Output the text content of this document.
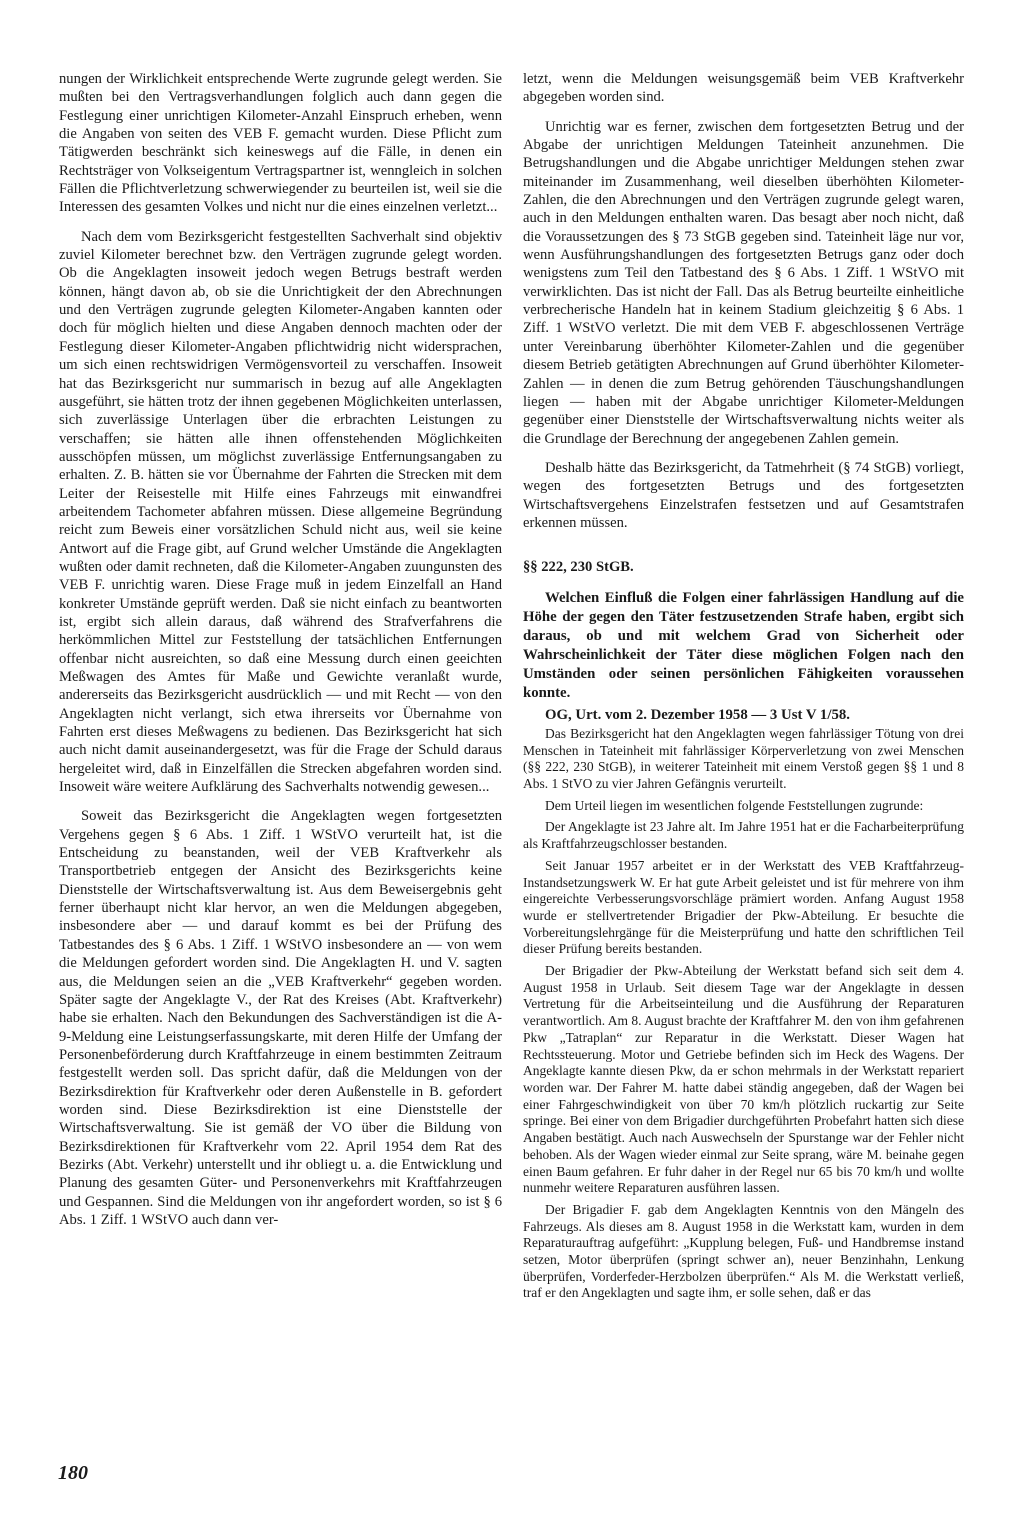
nungen der Wirklichkeit entsprechende Werte zugrunde gelegt werden. Sie mußten bei den Vertragsverhandlungen folglich auch dann gegen die Festlegung einer unrichtigen Kilometer-Anzahl Einspruch erheben, wenn die Angaben von seiten des VEB F. gemacht wurden. Diese Pflicht zum Tätigwerden beschränkt sich keineswegs auf die Fälle, in denen ein Rechtsträger von Volkseigentum Vertragspartner ist, wenngleich in solchen Fällen die Pflichtverletzung schwerwiegender zu beurteilen ist, weil sie die Interessen des gesamten Volkes und nicht nur die eines einzelnen verletzt...

Nach dem vom Bezirksgericht festgestellten Sachverhalt sind objektiv zuviel Kilometer berechnet bzw. den Verträgen zugrunde gelegt worden. Ob die Angeklagten insoweit jedoch wegen Betrugs bestraft werden können, hängt davon ab, ob sie die Unrichtigkeit der den Abrechnungen und den Verträgen zugrunde gelegten Kilometer-Angaben kannten oder doch für möglich hielten und diese Angaben dennoch machten oder der Festlegung dieser Kilometer-Angaben pflichtwidrig nicht widersprachen, um sich einen rechtswidrigen Vermögensvorteil zu verschaffen. Insoweit hat das Bezirksgericht nur summarisch in bezug auf alle Angeklagten ausgeführt, sie hätten trotz der ihnen gegebenen Möglichkeiten unterlassen, sich zuverlässige Unterlagen über die erbrachten Leistungen zu verschaffen; sie hätten alle ihnen offenstehenden Möglichkeiten ausschöpfen müssen, um möglichst zuverlässige Entfernungsangaben zu erhalten. Z. B. hätten sie vor Übernahme der Fahrten die Strecken mit dem Leiter der Reisestelle mit Hilfe eines Fahrzeugs mit einwandfrei arbeitendem Tachometer abfahren müssen. Diese allgemeine Begründung reicht zum Beweis einer vorsätzlichen Schuld nicht aus, weil sie keine Antwort auf die Frage gibt, auf Grund welcher Umstände die Angeklagten wußten oder damit rechneten, daß die Kilometer-Angaben zuungunsten des VEB F. unrichtig waren. Diese Frage muß in jedem Einzelfall an Hand konkreter Umstände geprüft werden. Daß sie nicht einfach zu beantworten ist, ergibt sich allein daraus, daß während des Strafverfahrens die herkömmlichen Mittel zur Feststellung der tatsächlichen Entfernungen offenbar nicht ausreichten, so daß eine Messung durch einen geeichten Meßwagen des Amtes für Maße und Gewichte veranlaßt wurde, andererseits das Bezirksgericht ausdrücklich — und mit Recht — von den Angeklagten nicht verlangt, sich etwa ihrerseits vor Übernahme von Fahrten erst dieses Meßwagens zu bedienen. Das Bezirksgericht hat sich auch nicht damit auseinandergesetzt, was für die Frage der Schuld daraus hergeleitet wird, daß in Einzelfällen die Strecken abgefahren worden sind. Insoweit wäre weitere Aufklärung des Sachverhalts notwendig gewesen...

Soweit das Bezirksgericht die Angeklagten wegen fortgesetzten Vergehens gegen § 6 Abs. 1 Ziff. 1 WStVO verurteilt hat, ist die Entscheidung zu beanstanden, weil der VEB Kraftverkehr als Transportbetrieb entgegen der Ansicht des Bezirksgerichts keine Dienststelle der Wirtschaftsverwaltung ist. Aus dem Beweisergebnis geht ferner überhaupt nicht klar hervor, an wen die Meldungen abgegeben, insbesondere aber — und darauf kommt es bei der Prüfung des Tatbestandes des § 6 Abs. 1 Ziff. 1 WStVO insbesondere an — von wem die Meldungen gefordert worden sind. Die Angeklagten H. und V. sagten aus, die Meldungen seien an die „VEB Kraftverkehr“ gegeben worden. Später sagte der Angeklagte V., der Rat des Kreises (Abt. Kraftverkehr) habe sie erhalten. Nach den Bekundungen des Sachverständigen ist die A-9-Meldung eine Leistungserfassungskarte, mit deren Hilfe der Umfang der Personenbeförderung durch Kraftfahrzeuge in einem bestimmten Zeitraum festgestellt werden soll. Das spricht dafür, daß die Meldungen von der Bezirksdirektion für Kraftverkehr oder deren Außenstelle in B. gefordert worden sind. Diese Bezirksdirektion ist eine Dienststelle der Wirtschaftsverwaltung. Sie ist gemäß der VO über die Bildung von Bezirksdirektionen für Kraftverkehr vom 22. April 1954 dem Rat des Bezirks (Abt. Verkehr) unterstellt und ihr obliegt u. a. die Entwicklung und Planung des gesamten Güter- und Personenverkehrs mit Kraftfahrzeugen und Gespannen. Sind die Meldungen von ihr angefordert worden, so ist § 6 Abs. 1 Ziff. 1 WStVO auch dann ver-

letzt, wenn die Meldungen weisungsgemäß beim VEB Kraftverkehr abgegeben worden sind.

Unrichtig war es ferner, zwischen dem fortgesetzten Betrug und der Abgabe der unrichtigen Meldungen Tateinheit anzunehmen. Die Betrugshandlungen und die Abgabe unrichtiger Meldungen stehen zwar miteinander im Zusammenhang, weil dieselben überhöhten Kilometer-Zahlen, die den Abrechnungen und den Verträgen zugrunde gelegt waren, auch in den Meldungen enthalten waren. Das besagt aber noch nicht, daß die Voraussetzungen des § 73 StGB gegeben sind. Tateinheit läge nur vor, wenn Ausführungshandlungen des fortgesetzten Betrugs ganz oder doch wenigstens zum Teil den Tatbestand des § 6 Abs. 1 Ziff. 1 WStVO mit verwirklichten. Das ist nicht der Fall. Das als Betrug beurteilte einheitliche verbrecherische Handeln hat in keinem Stadium gleichzeitig § 6 Abs. 1 Ziff. 1 WStVO verletzt. Die mit dem VEB F. abgeschlossenen Verträge unter Vereinbarung überhöhter Kilometer-Zahlen und die gegenüber diesem Betrieb getätigten Abrechnungen auf Grund überhöhter Kilometer-Zahlen — in denen die zum Betrug gehörenden Täuschungshandlungen liegen — haben mit der Abgabe unrichtiger Kilometer-Meldungen gegenüber einer Dienststelle der Wirtschaftsverwaltung nichts weiter als die Grundlage der Berechnung der angegebenen Zahlen gemein.

Deshalb hätte das Bezirksgericht, da Tatmehrheit (§ 74 StGB) vorliegt, wegen des fortgesetzten Betrugs und des fortgesetzten Wirtschaftsvergehens Einzelstrafen festsetzen und auf Gesamtstrafen erkennen müssen.

§§ 222, 230 StGB.

Welchen Einfluß die Folgen einer fahrlässigen Handlung auf die Höhe der gegen den Täter festzusetzenden Strafe haben, ergibt sich daraus, ob und mit welchem Grad von Sicherheit oder Wahrscheinlichkeit der Täter diese möglichen Folgen nach den Umständen oder seinen persönlichen Fähigkeiten voraussehen konnte.

OG, Urt. vom 2. Dezember 1958 — 3 Ust V 1/58.

Das Bezirksgericht hat den Angeklagten wegen fahrlässiger Tötung von drei Menschen in Tateinheit mit fahrlässiger Körperverletzung von zwei Menschen (§§ 222, 230 StGB), in weiterer Tateinheit mit einem Verstoß gegen §§ 1 und 8 Abs. 1 StVO zu vier Jahren Gefängnis verurteilt.

Dem Urteil liegen im wesentlichen folgende Feststellungen zugrunde:

Der Angeklagte ist 23 Jahre alt. Im Jahre 1951 hat er die Facharbeiterprüfung als Kraftfahrzeugschlosser bestanden.

Seit Januar 1957 arbeitet er in der Werkstatt des VEB Kraftfahrzeug-Instandsetzungswerk W. Er hat gute Arbeit geleistet und ist für mehrere von ihm eingereichte Verbesserungsvorschläge prämiert worden. Anfang August 1958 wurde er stellvertretender Brigadier der Pkw-Abteilung. Er besuchte die Vorbereitungslehrgänge für die Meisterprüfung und hatte den schriftlichen Teil dieser Prüfung bereits bestanden.

Der Brigadier der Pkw-Abteilung der Werkstatt befand sich seit dem 4. August 1958 in Urlaub. Seit diesem Tage war der Angeklagte in dessen Vertretung für die Arbeitseinteilung und die Ausführung der Reparaturen verantwortlich. Am 8. August brachte der Kraftfahrer M. den von ihm gefahrenen Pkw „Tatraplan“ zur Reparatur in die Werkstatt. Dieser Wagen hat Rechtssteuerung. Motor und Getriebe befinden sich im Heck des Wagens. Der Angeklagte kannte diesen Pkw, da er schon mehrmals in der Werkstatt repariert worden war. Der Fahrer M. hatte dabei ständig angegeben, daß der Wagen bei einer Fahrgeschwindigkeit von über 70 km/h plötzlich ruckartig zur Seite springe. Bei einer von dem Brigadier durchgeführten Probefahrt hatten sich diese Angaben bestätigt. Auch nach Auswechseln der Spurstange war der Fehler nicht behoben. Als der Wagen wieder einmal zur Seite sprang, wäre M. beinahe gegen einen Baum gefahren. Er fuhr daher in der Regel nur 65 bis 70 km/h und wollte nunmehr weitere Reparaturen ausführen lassen.

Der Brigadier F. gab dem Angeklagten Kenntnis von den Mängeln des Fahrzeugs. Als dieses am 8. August 1958 in die Werkstatt kam, wurden in dem Reparaturauftrag aufgeführt: „Kupplung belegen, Fuß- und Handbremse instand setzen, Motor überprüfen (springt schwer an), neuer Benzinhahn, Lenkung überprüfen, Vorderfeder-Herzbolzen überprüfen.“ Als M. die Werkstatt verließ, traf er den Angeklagten und sagte ihm, er solle sehen, daß er das

180
